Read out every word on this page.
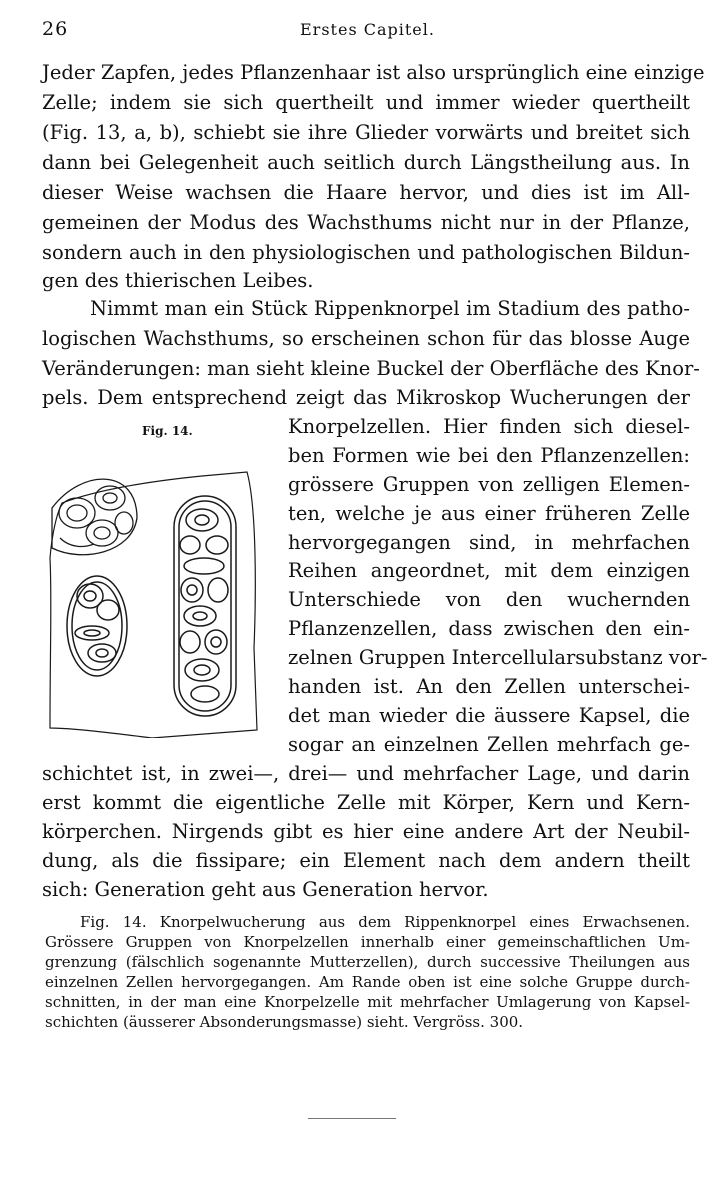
26	Erstes Capitel.
Jeder Zapfen, jedes Pflanzenhaar ist also ursprünglich eine einzige
Zelle; indem sie sich quertheilt und immer wieder quertheilt
(Fig. 13, a, b), schiebt sie ihre Glieder vorwärts und breitet sich
dann bei Gelegenheit auch seitlich durch Längstheilung aus. In
dieser Weise wachsen die Haare hervor, und dies ist im All-
gemeinen der Modus des Wachsthums nicht nur in der Pflanze,
sondern auch in den physiologischen und pathologischen Bildun-
gen des thierischen Leibes.
Nimmt man ein Stück Rippenknorpel im Stadium des patho-
logischen Wachsthums, so erscheinen schon für das blosse Auge
Veränderungen: man sieht kleine Buckel der Oberfläche des Knor-
pels. Dem entsprechend zeigt das Mikroskop Wucherungen der
Knorpelzellen. Hier finden sich diesel-
ben Formen wie bei den Pflanzenzellen:
grössere Gruppen von zelligen Elemen-
ten, welche je aus einer früheren Zelle
hervorgegangen sind, in mehrfachen
Reihen angeordnet, mit dem einzigen
Unterschiede von den wuchernden
Pflanzenzellen, dass zwischen den ein-
zelnen Gruppen Intercellularsubstanz vor-
handen ist. An den Zellen unterschei-
det man wieder die äussere Kapsel, die
sogar an einzelnen Zellen mehrfach ge-
schichtet ist, in zwei—, drei— und mehrfacher Lage, und darin
erst kommt die eigentliche Zelle mit Körper, Kern und Kern-
körperchen. Nirgends gibt es hier eine andere Art der Neubil-
dung, als die fissipare; ein Element nach dem andern theilt
sich: Generation geht aus Generation hervor.
Fig. 14.
Fig. 14. Knorpelwucherung aus dem Rippenknorpel eines Erwachsenen.
Grössere Gruppen von Knorpelzellen innerhalb einer gemeinschaftlichen Um-
grenzung (fälschlich sogenannte Mutterzellen), durch successive Theilungen aus
einzelnen Zellen hervorgegangen. Am Rande oben ist eine solche Gruppe durch-
schnitten, in der man eine Knorpelzelle mit mehrfacher Umlagerung von Kapsel-
schichten (äusserer Absonderungsmasse) sieht. Vergröss. 300.
